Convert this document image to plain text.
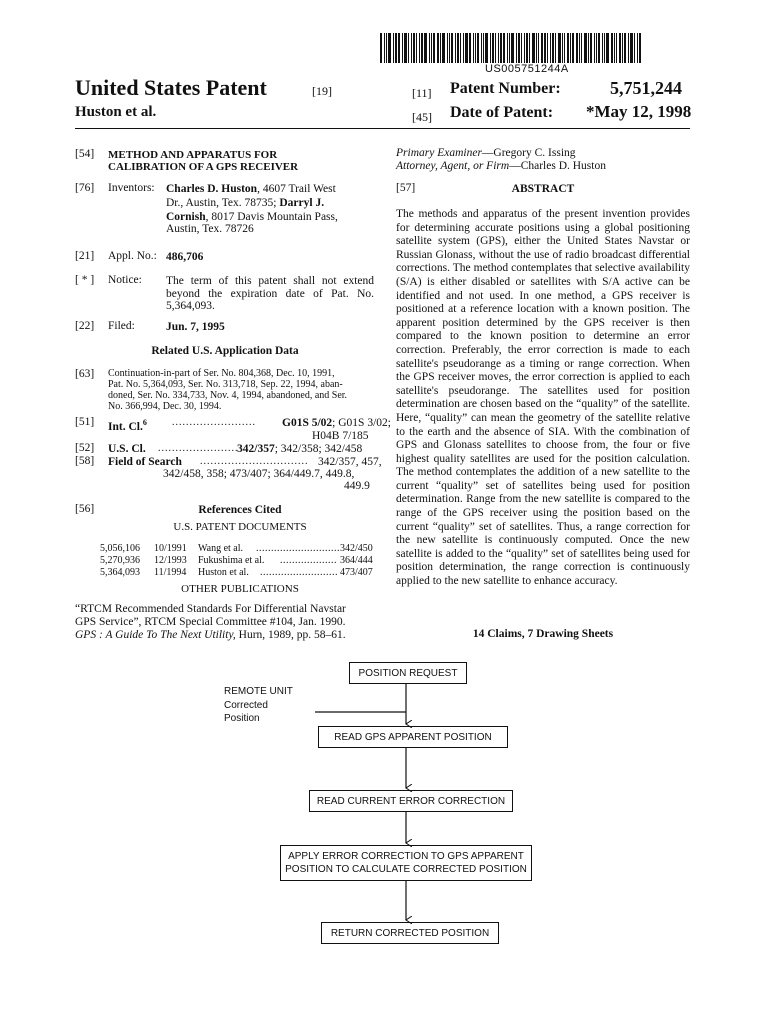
US005751244A
United States Patent	[19]
Huston et al.
[11] Patent Number:	5,751,244
[45] Date of Patent: *May 12, 1998
[54] METHOD AND APPARATUS FOR
CALIBRATION OF A GPS RECEIVER
[76] Inventors: Charles D. Huston, 4607 Trail West
Dr., Austin, Tex. 78735; Darryl J.
Cornish, 8017 Davis Mountain Pass,
Austin, Tex. 78726
[21] Appl. No.: 486,706
[ * ] Notice: The term of this patent shall not extend
beyond the expiration date of Pat. No.
5,364,093.
[22] Filed:	Jun. 7, 1995
Related U.S. Application Data
[63] Continuation-in-part of Ser. No. 804,368, Dec. 10, 1991,
Pat. No. 5,364,093, Ser. No. 313,718, Sep. 22, 1994, aban-
doned, Ser. No. 334,733, Nov. 4, 1994, abandoned, and Ser.
No. 366,994, Dec. 30, 1994.
[51] Int. Cl.$^6$	........................ G01S 5/02; G01S 3/02;
H04B 7/185
[52] U.S. Cl. .......................
342/357; 342/358; 342/458
[58] Field of Search ............................... 342/357, 457,
342/458, 358; 473/407; 364/449.7, 449.8,
449.9
[56]	References Cited
U.S. PATENT DOCUMENTS
5,056,106 10/1991 Wang et al. ............................ 342/450
5,270,936 12/1993 Fukushima et al. ................... 364/444
5,364,093 11/1994 Huston et al. .......................... 473/407
OTHER PUBLICATIONS
“RTCM Recommended Standards For Differential Navstar
GPS Service”, RTCM Special Committee #104, Jan. 1990.
GPS : A Guide To The Next Utility, Hurn, 1989, pp. 58–61.
Primary Examiner—Gregory C. Issing
Attorney, Agent, or Firm—Charles D. Huston
[57]	ABSTRACT
The methods and apparatus of the present invention provides for determining accurate positions using a global positioning satellite system (GPS), either the United States Navstar or Russian Glonass, without the use of radio broadcast differential corrections. The method contemplates that selective availability (S/A) is either disabled or satellites with S/A active can be identified and not used. In one method, a GPS receiver is positioned at a reference location with a known position. The apparent position determined by the GPS receiver is then compared to the known position to determine an error correction. Preferably, the error correction is made to each satellite's pseudorange as a timing or range correction. When the GPS receiver moves, the error correction is applied to each satellite's pseudorange. The satellites used for position determination are chosen based on the “quality” of the satellite. Here, “quality” can mean the geometry of the satellite relative to the earth and the absence of SIA. With the combination of GPS and Glonass satellites to choose from, the four or five highest quality satellites are used for the position calculation. The method contemplates the addition of a new satellite to the current “quality” set of satellites being used for position determination. Range from the new satellite is compared to the range of the GPS receiver using the position based on the current “quality” set of satellites. Thus, a range correction for the new satellite is continuously computed. Once the new satellite is added to the “quality” set of satellites being used for position determination, the range correction is continuously applied to the new satellite to enhance accuracy.
14 Claims, 7 Drawing Sheets
REMOTE UNIT
Corrected
Position
POSITION REQUEST
READ GPS APPARENT POSITION
READ CURRENT ERROR CORRECTION
APPLY ERROR CORRECTION TO GPS APPARENT
POSITION TO CALCULATE CORRECTED POSITION
RETURN CORRECTED POSITION
